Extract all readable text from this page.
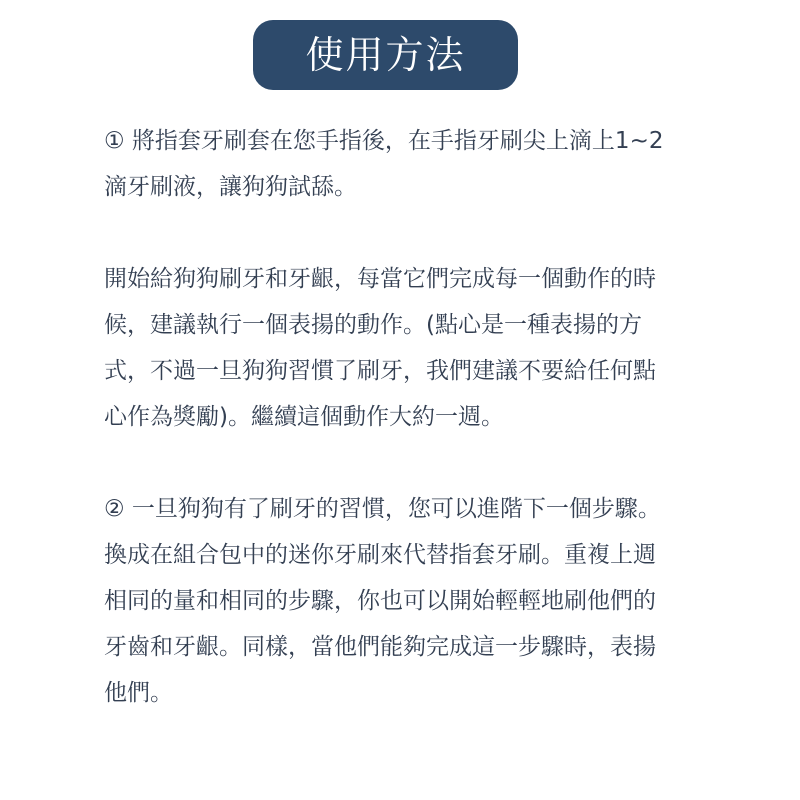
使用方法

① 將指套牙刷套在您手指後，在手指牙刷尖上滴上1~2滴牙刷液，讓狗狗試舔。

開始給狗狗刷牙和牙齦，每當它們完成每一個動作的時候，建議執行一個表揚的動作。(點心是一種表揚的方式，不過一旦狗狗習慣了刷牙，我們建議不要給任何點心作為獎勵)。繼續這個動作大約一週。

② 一旦狗狗有了刷牙的習慣，您可以進階下一個步驟。換成在組合包中的迷你牙刷來代替指套牙刷。重複上週相同的量和相同的步驟，你也可以開始輕輕地刷他們的牙齒和牙齦。同樣，當他們能夠完成這一步驟時，表揚他們。
